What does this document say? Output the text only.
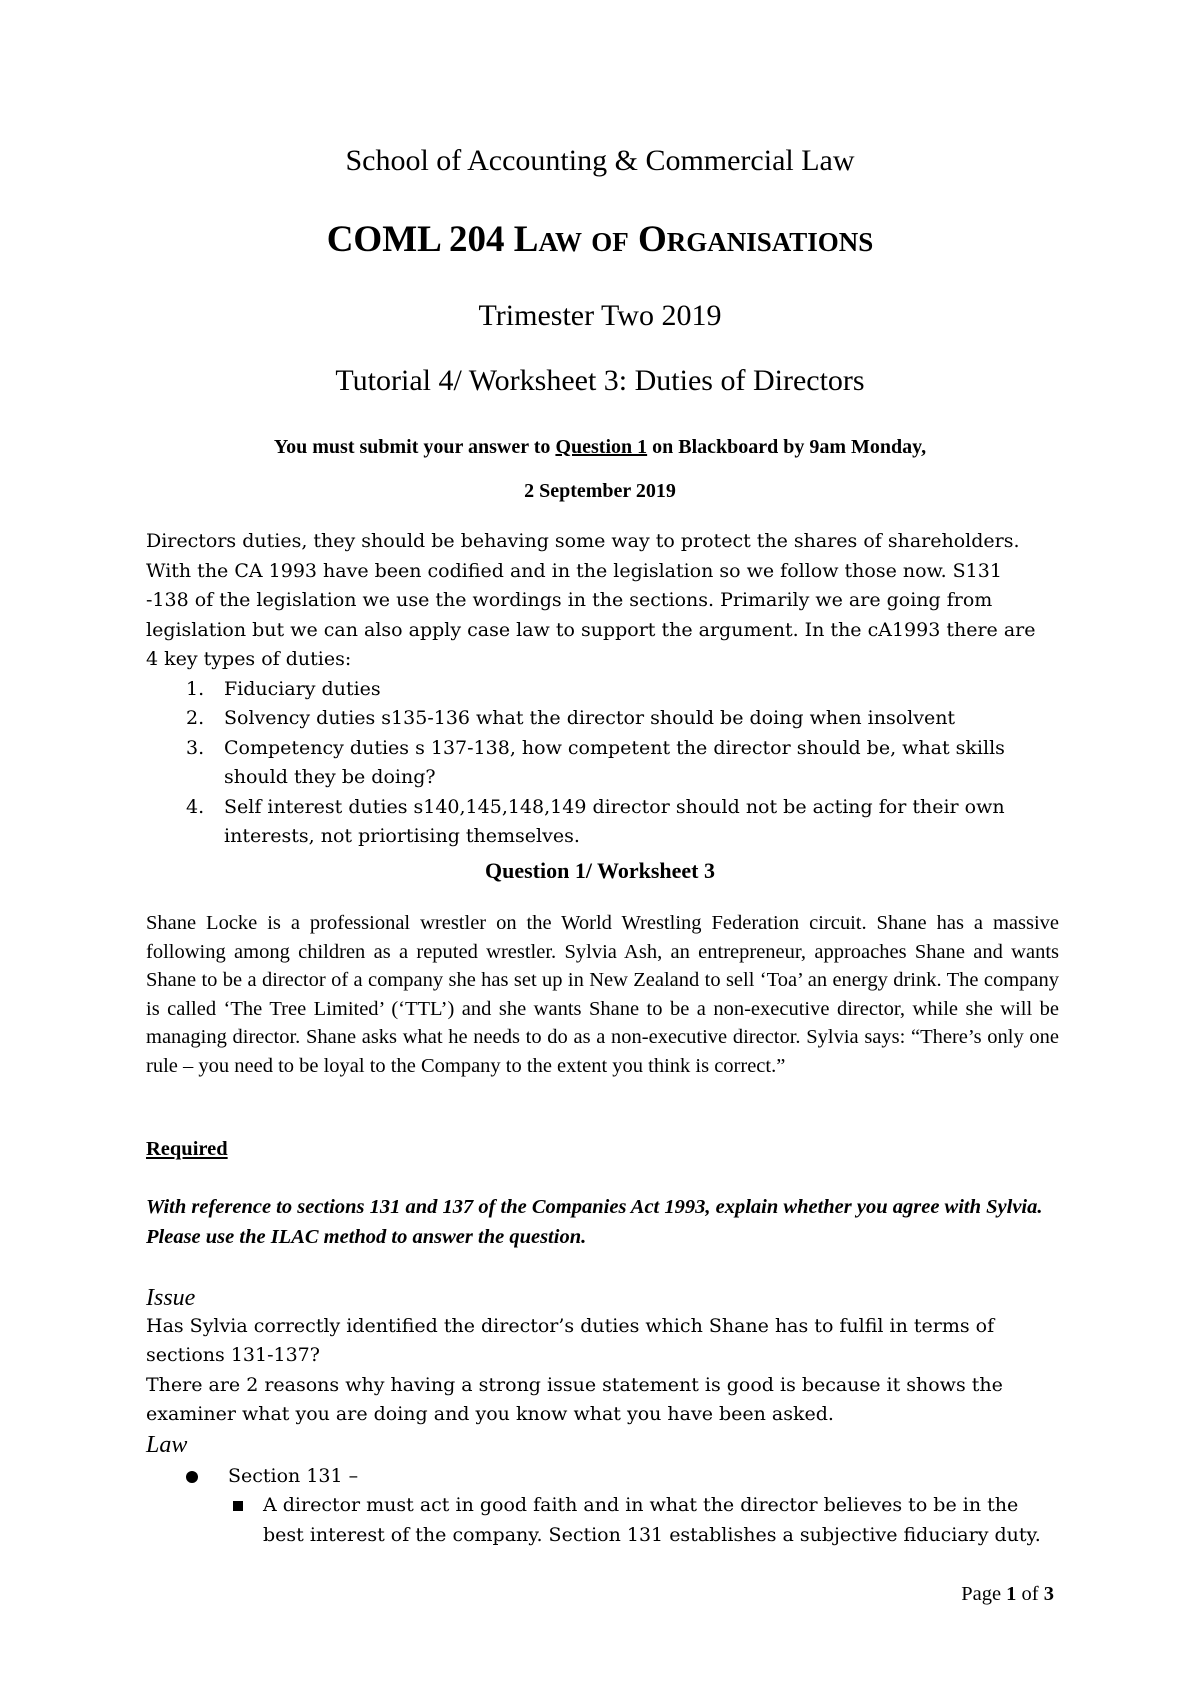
School of Accounting & Commercial Law
COML 204 LAW OF ORGANISATIONS
Trimester Two 2019
Tutorial 4/ Worksheet 3: Duties of Directors
You must submit your answer to Question 1 on Blackboard by 9am Monday,
2 September 2019

Directors duties, they should be behaving some way to protect the shares of shareholders. With the CA 1993 have been codified and in the legislation so we follow those now. S131 -138 of the legislation we use the wordings in the sections. Primarily we are going from legislation but we can also apply case law to support the argument. In the cA1993 there are 4 key types of duties:

1. Fiduciary duties
2. Solvency duties s135-136 what the director should be doing when insolvent
3. Competency duties s 137-138, how competent the director should be, what skills should they be doing?
4. Self interest duties s140,145,148,149 director should not be acting for their own interests, not priortising themselves.
Question 1/ Worksheet 3

Shane Locke is a professional wrestler on the World Wrestling Federation circuit. Shane has a massive following among children as a reputed wrestler. Sylvia Ash, an entrepreneur, approaches Shane and wants Shane to be a director of a company she has set up in New Zealand to sell ‘Toa’ an energy drink. The company is called ‘The Tree Limited’ (‘TTL’) and she wants Shane to be a non-executive director, while she will be managing director. Shane asks what he needs to do as a non-executive director. Sylvia says: “There’s only one rule – you need to be loyal to the Company to the extent you think is correct.”

Required
With reference to sections 131 and 137 of the Companies Act 1993, explain whether you agree with Sylvia. Please use the ILAC method to answer the question.
Issue

Has Sylvia correctly identified the director’s duties which Shane has to fulfil in terms of sections 131-137?

There are 2 reasons why having a strong issue statement is good is because it shows the examiner what you are doing and you know what you have been asked.

Law
Section 131 –
A director must act in good faith and in what the director believes to be in the best interest of the company. Section 131 establishes a subjective fiduciary duty.
Page 1 of 3
